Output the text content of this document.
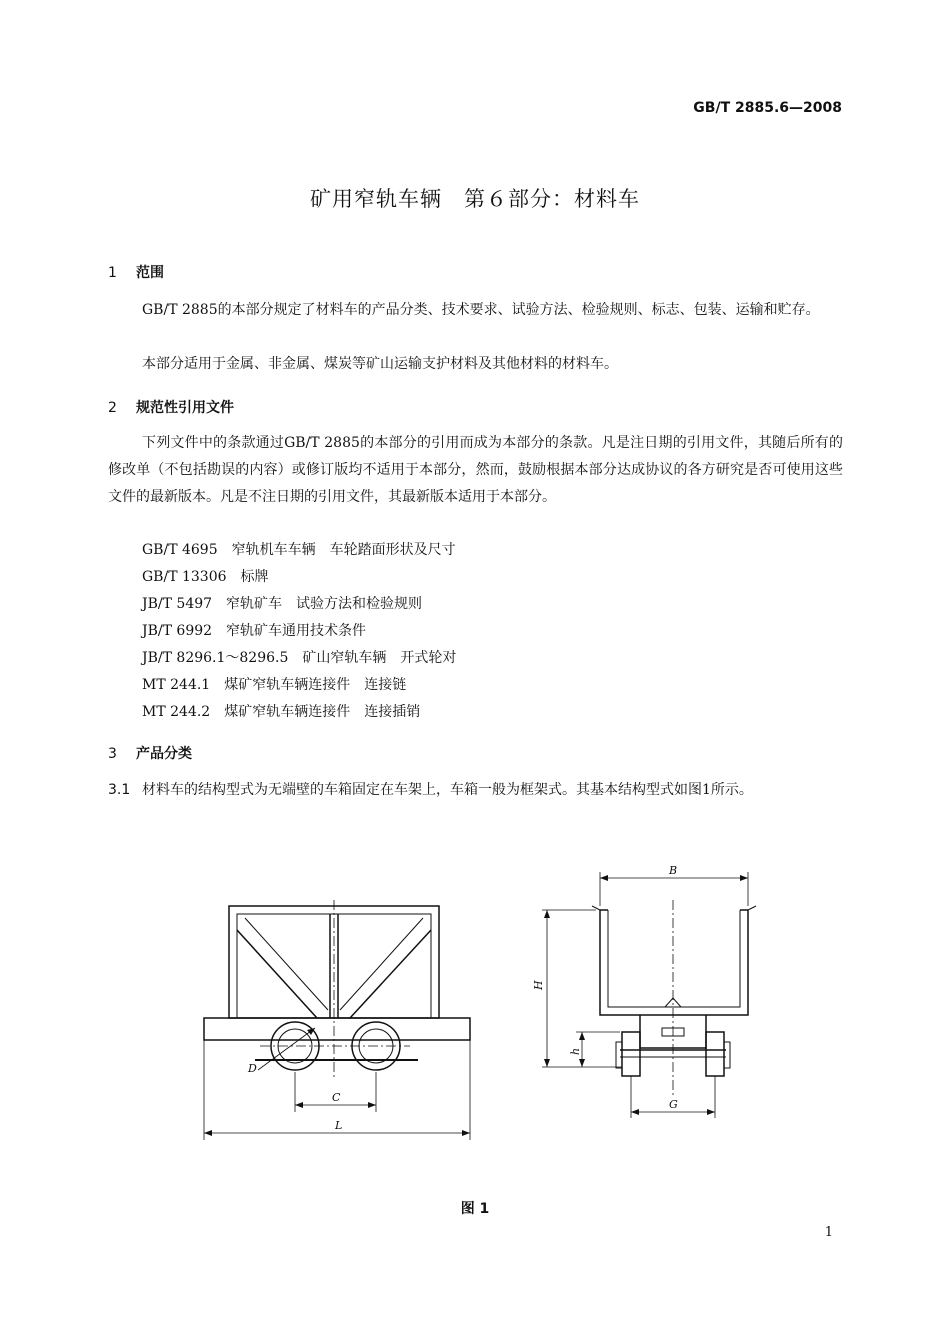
GB/T 2885.6—2008
矿用窄轨车辆　第６部分：材料车
1 范围
GB/T 2885的本部分规定了材料车的产品分类、技术要求、试验方法、检验规则、标志、包装、运输和贮存。
本部分适用于金属、非金属、煤炭等矿山运输支护材料及其他材料的材料车。
2 规范性引用文件
下列文件中的条款通过GB/T 2885的本部分的引用而成为本部分的条款。凡是注日期的引用文件，其随后所有的修改单（不包括勘误的内容）或修订版均不适用于本部分，然而，鼓励根据本部分达成协议的各方研究是否可使用这些文件的最新版本。凡是不注日期的引用文件，其最新版本适用于本部分。
GB/T 4695　窄轨机车车辆　车轮踏面形状及尺寸
GB/T 13306　标牌
JB/T 5497　窄轨矿车　试验方法和检验规则
JB/T 6992　窄轨矿车通用技术条件
JB/T 8296.1～8296.5　矿山窄轨车辆　开式轮对
MT 244.1　煤矿窄轨车辆连接件　连接链
MT 244.2　煤矿窄轨车辆连接件　连接插销
3 产品分类
3.1 材料车的结构型式为无端壁的车箱固定在车架上，车箱一般为框架式。其基本结构型式如图1所示。
D
C
L
B
H
h
G
图 1
1
